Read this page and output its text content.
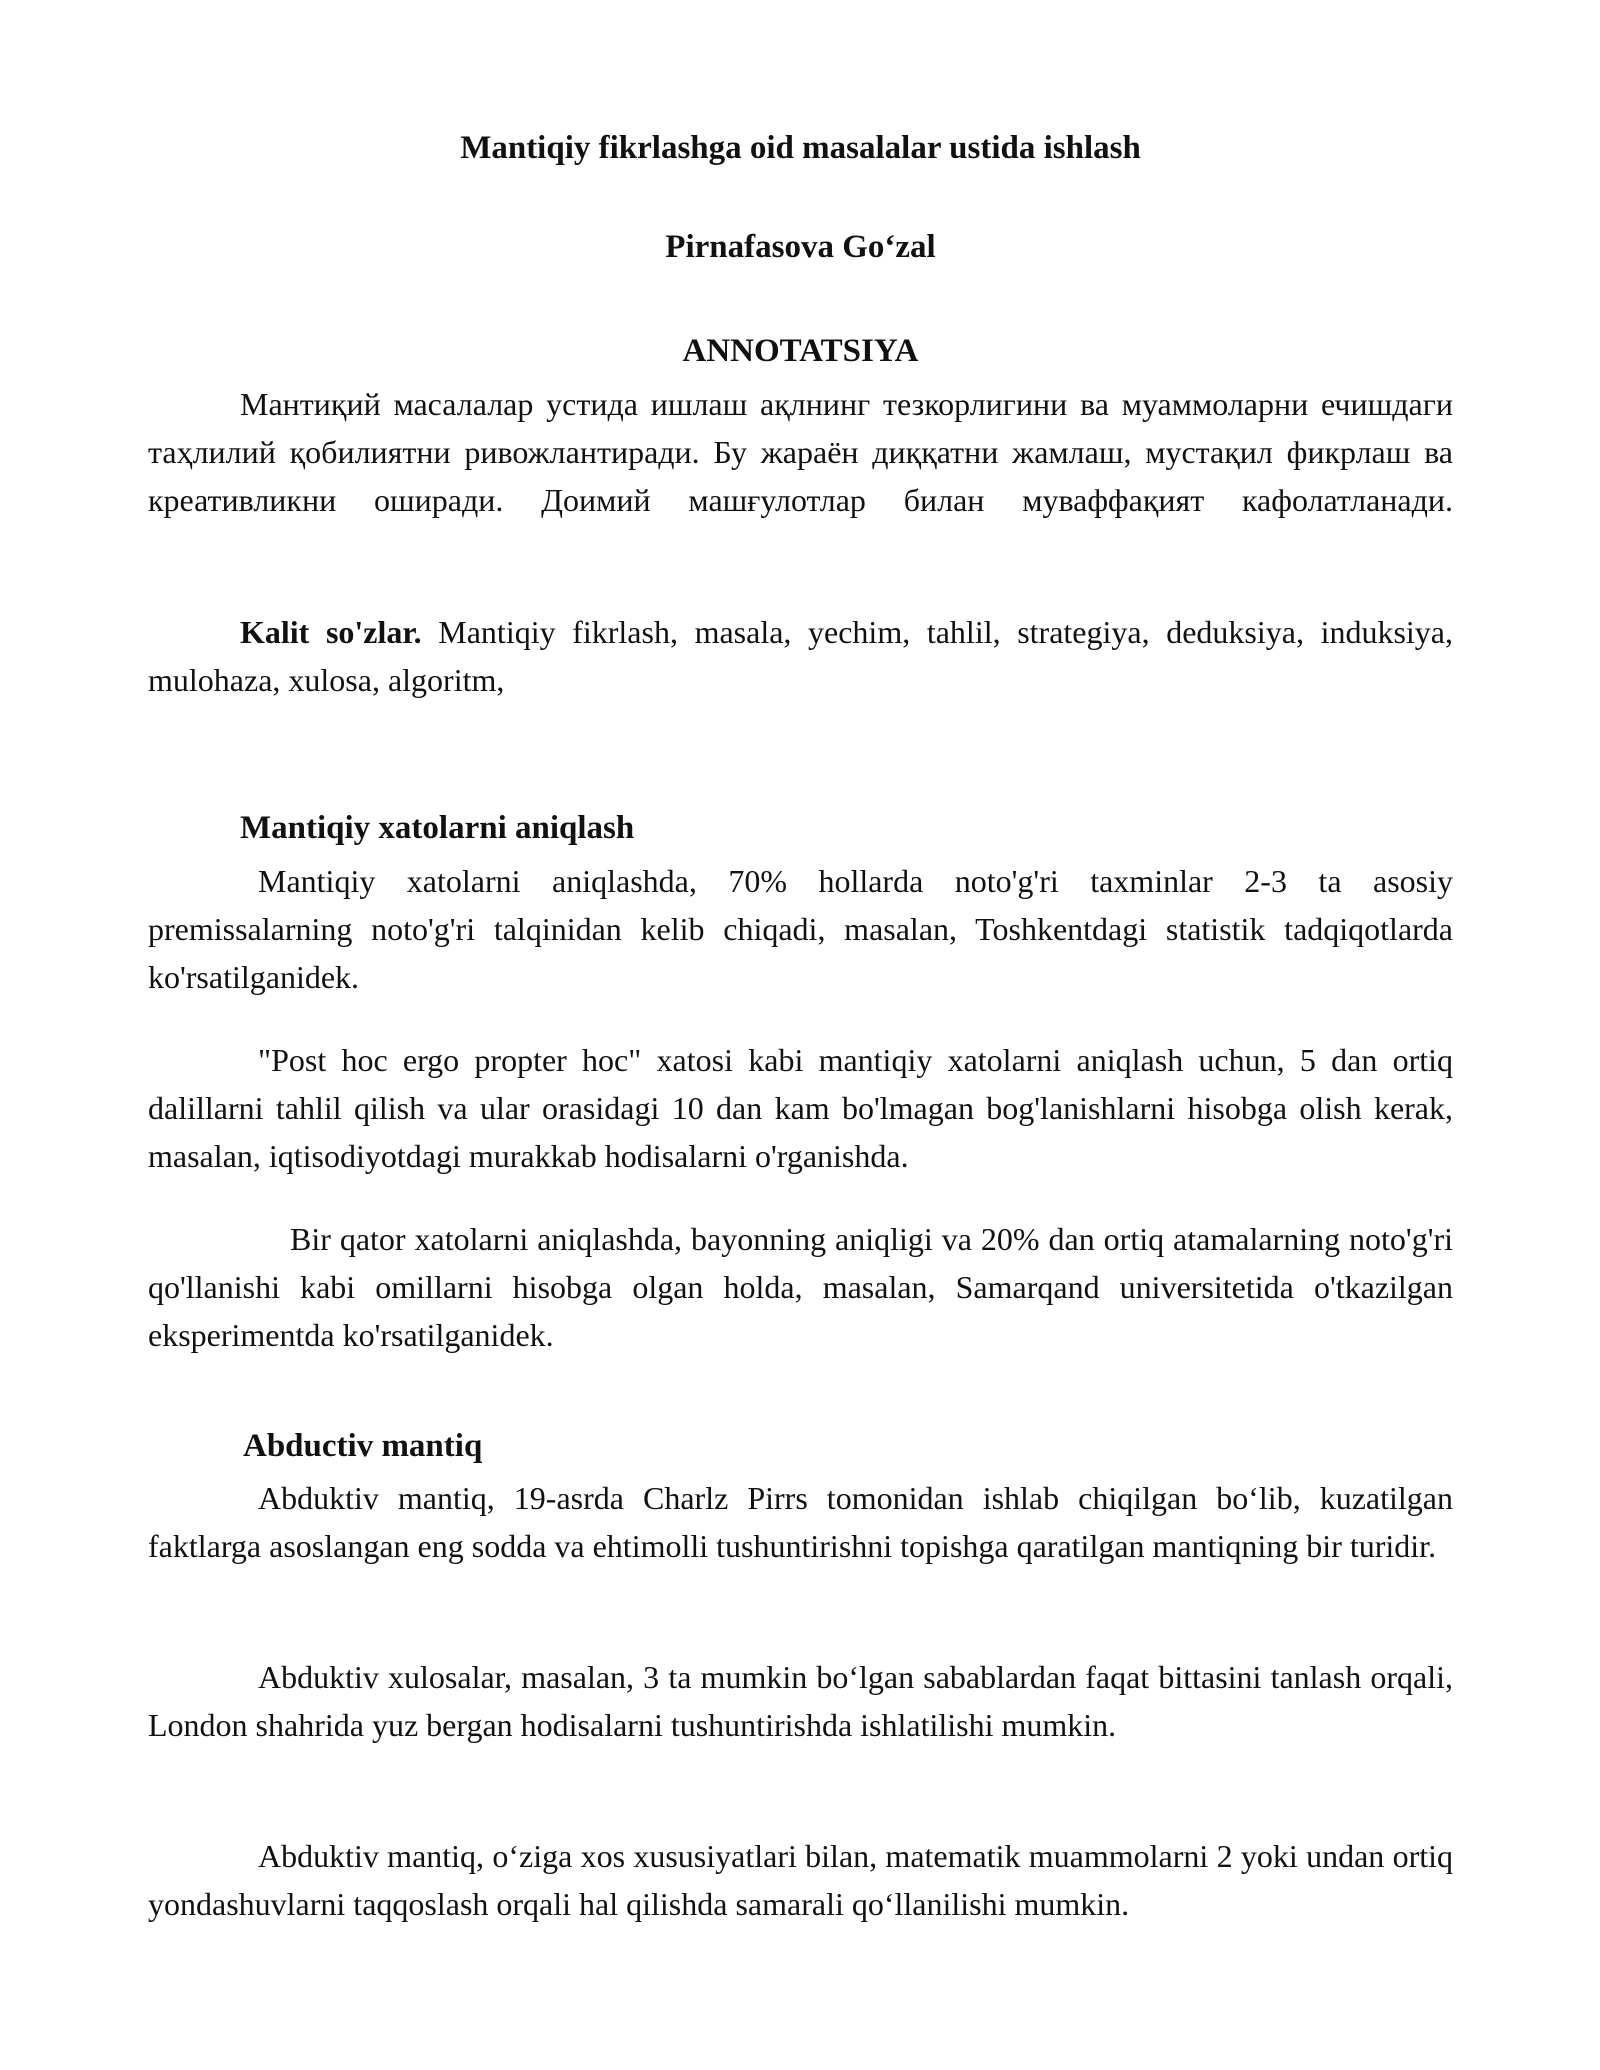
Mantiqiy fikrlashga oid masalalar ustida ishlash

Pirnafasova Go‘zal

ANNOTATSIYA

Мантиқий масалалар устида ишлаш ақлнинг тезкорлигини ва муаммоларни ечишдаги таҳлилий қобилиятни ривожлантиради. Бу жараён диққатни жамлаш, мустақил фикрлаш ва креативликни оширади. Доимий машғулотлар билан муваффақият кафолатланади.

Kalit so'zlar. Mantiqiy fikrlash, masala, yechim, tahlil, strategiya, deduksiya, induksiya, mulohaza, xulosa, algoritm,

Mantiqiy xatolarni aniqlash

Mantiqiy xatolarni aniqlashda, 70% hollarda noto'g'ri taxminlar 2-3 ta asosiy premissalarning noto'g'ri talqinidan kelib chiqadi, masalan, Toshkentdagi statistik tadqiqotlarda ko'rsatilganidek.

"Post hoc ergo propter hoc" xatosi kabi mantiqiy xatolarni aniqlash uchun, 5 dan ortiq dalillarni tahlil qilish va ular orasidagi 10 dan kam bo'lmagan bog'lanishlarni hisobga olish kerak, masalan, iqtisodiyotdagi murakkab hodisalarni o'rganishda.

Bir qator xatolarni aniqlashda, bayonning aniqligi va 20% dan ortiq atamalarning noto'g'ri qo'llanishi kabi omillarni hisobga olgan holda, masalan, Samarqand universitetida o'tkazilgan eksperimentda ko'rsatilganidek.

Abductiv mantiq

Abduktiv mantiq, 19-asrda Charlz Pirrs tomonidan ishlab chiqilgan bo‘lib, kuzatilgan faktlarga asoslangan eng sodda va ehtimolli tushuntirishni topishga qaratilgan mantiqning bir turidir.

Abduktiv xulosalar, masalan, 3 ta mumkin bo‘lgan sabablardan faqat bittasini tanlash orqali, London shahrida yuz bergan hodisalarni tushuntirishda ishlatilishi mumkin.

Abduktiv mantiq, o‘ziga xos xususiyatlari bilan, matematik muammolarni 2 yoki undan ortiq yondashuvlarni taqqoslash orqali hal qilishda samarali qo‘llanilishi mumkin.
